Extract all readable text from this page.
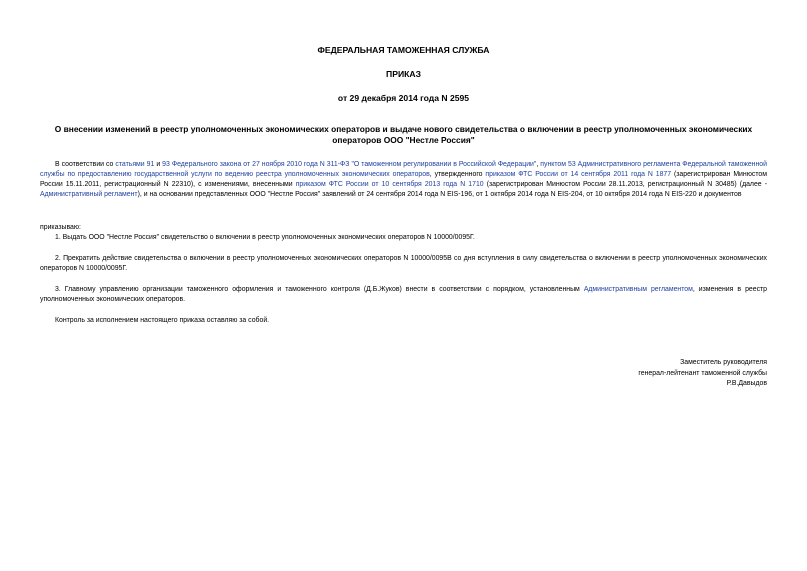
ФЕДЕРАЛЬНАЯ ТАМОЖЕННАЯ СЛУЖБА
ПРИКАЗ
от 29 декабря 2014 года N 2595
О внесении изменений в реестр уполномоченных экономических операторов и выдаче нового свидетельства о включении в реестр уполномоченных экономических операторов ООО "Нестле Россия"
В соответствии со статьями 91 и 93 Федерального закона от 27 ноября 2010 года N 311-ФЗ "О таможенном регулировании в Российской Федерации", пунктом 53 Административного регламента Федеральной таможенной службы по предоставлению государственной услуги по ведению реестра уполномоченных экономических операторов, утвержденного приказом ФТС России от 14 сентября 2011 года N 1877 (зарегистрирован Минюстом России 15.11.2011, регистрационный N 22310), с изменениями, внесенными приказом ФТС России от 10 сентября 2013 года N 1710 (зарегистрирован Минюстом России 28.11.2013, регистрационный N 30485) (далее - Административный регламент), и на основании представленных ООО "Нестле Россия" заявлений от 24 сентября 2014 года N EIS-196, от 1 октября 2014 года N EIS-204, от 10 октября 2014 года N EIS-220 и документов
приказываю:
1. Выдать ООО "Нестле Россия" свидетельство о включении в реестр уполномоченных экономических операторов N 10000/0095Г.
2. Прекратить действие свидетельства о включении в реестр уполномоченных экономических операторов N 10000/0095В со дня вступления в силу свидетельства о включении в реестр уполномоченных экономических операторов N 10000/0095Г.
3. Главному управлению организации таможенного оформления и таможенного контроля (Д.Б.Жуков) внести в соответствии с порядком, установленным Административным регламентом, изменения в реестр уполномоченных экономических операторов.
Контроль за исполнением настоящего приказа оставляю за собой.
Заместитель руководителя
генерал-лейтенант таможенной службы
Р.В.Давыдов
